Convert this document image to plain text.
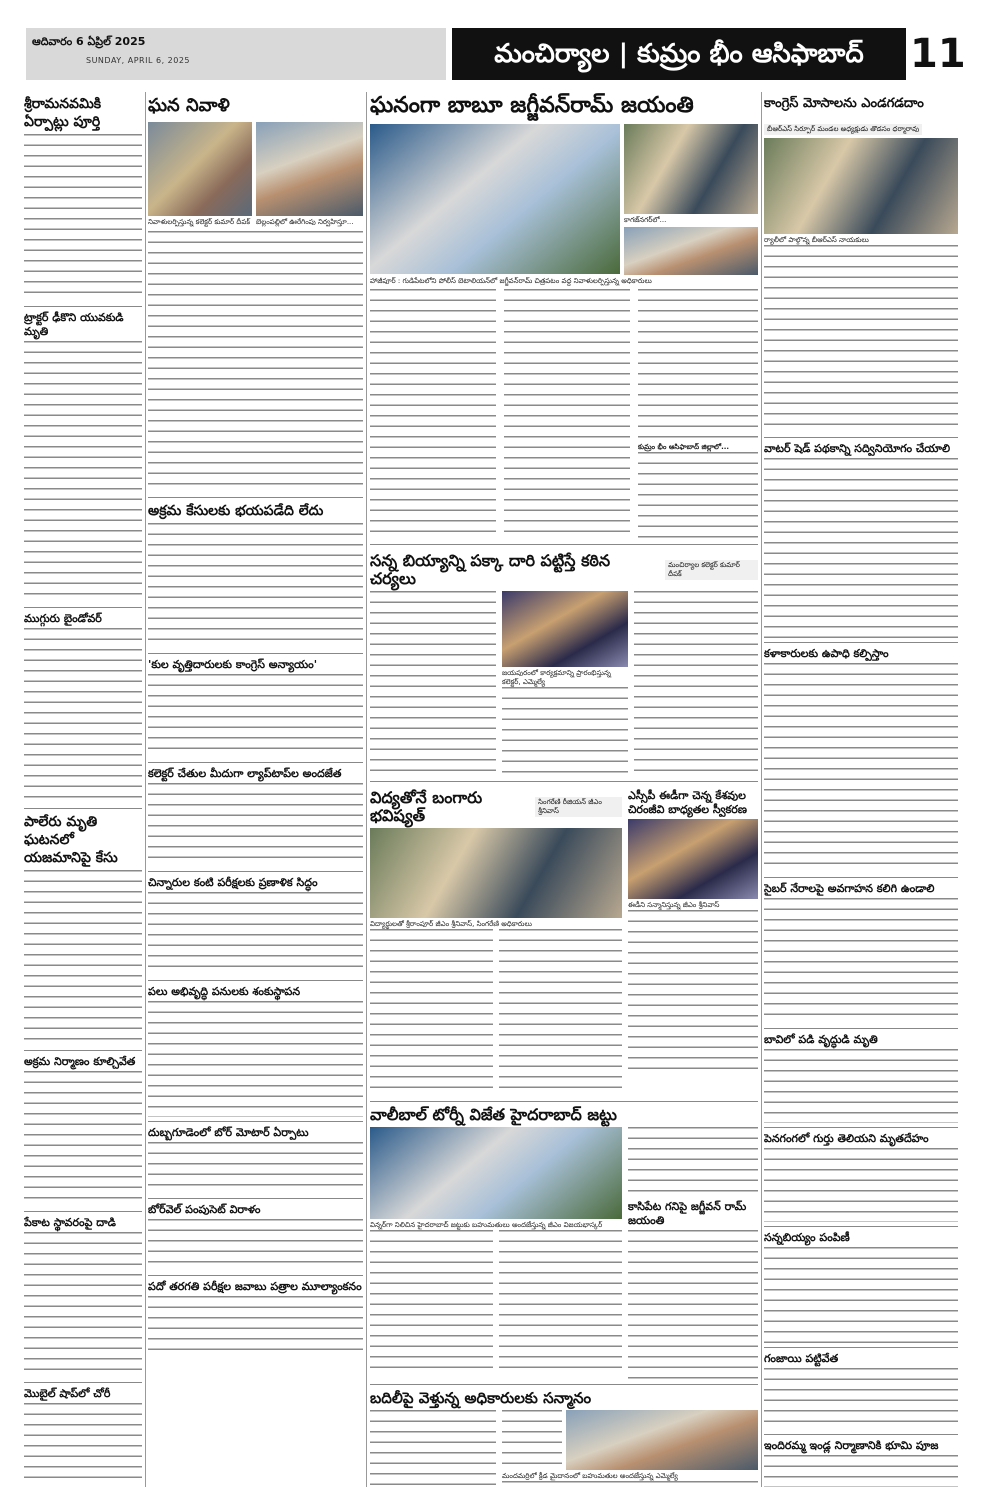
ఆదివారం 6 ఏప్రిల్ 2025
SUNDAY, APRIL 6, 2025	మంచిర్యాల | కుమ్రం భీం ఆసిఫాబాద్	11
శ్రీరామనవమికి ఏర్పాట్లు పూర్తి
ట్రాక్టర్ ఢీకొని యువకుడి మృతి
ముగ్గురు బైండోవర్
పాలేరు మృతి ఘటనలో యజమానిపై కేసు
అక్రమ నిర్మాణం కూల్చివేత
పేకాట స్థావరంపై దాడి
మొబైల్ షాప్‌లో చోరీ
ఘన నివాళి
నివాళులర్పిస్తున్న కలెక్టర్ కుమార్ దీపక్ బెల్లంపల్లిలో ఊరేగింపు నిర్వహిస్తూ...
అక్రమ కేసులకు భయపడేది లేదు
'కుల వృత్తిదారులకు కాంగ్రెస్ అన్యాయం'
కలెక్టర్ చేతుల మీదుగా ల్యాప్‌టాప్‌ల అందజేత
చిన్నారుల కంటి పరీక్షలకు ప్రణాళిక సిద్ధం
పలు అభివృద్ధి పనులకు శంకుస్థాపన
దుబ్బగూడెంలో బోర్ మోటార్ ఏర్పాటు
బోర్‌వెల్ పంపుసెట్ విరాళం
పదో తరగతి పరీక్షల జవాబు పత్రాల మూల్యాంకనం
ఘనంగా బాబూ జగ్జీవన్‌రామ్ జయంతి
కాగజ్‌నగర్‌లో...
హాజీపూర్ : గుడిపేటలోని పోలీస్ బెటాలియన్‌లో జగ్జీవన్‌రామ్ చిత్రపటం వద్ద నివాళులర్పిస్తున్న అధికారులు
కుమ్రం భీం ఆసిఫాబాద్ జిల్లాలో...
సన్న బియ్యాన్ని పక్కా దారి పట్టిస్తే కఠిన చర్యలు
మంచిర్యాల కలెక్టర్ కుమార్ దీపక్
జయపురంలో కార్యక్రమాన్ని ప్రారంభిస్తున్న కలెక్టర్, ఎమ్మెల్యే
విద్యతోనే బంగారు భవిష్యత్
సింగరేణి రీజియన్ జీఎం శ్రీనివాస్
విద్యార్థులతో శ్రీరాంపూర్ జీఎం శ్రీనివాస్, సింగరేణి అధికారులు
ఎస్సీపీ ఈడీగా చెన్న కేశవుల చిరంజీవి బాధ్యతల స్వీకరణ
ఈడీని సన్మానిస్తున్న జీఎం శ్రీనివాస్
వాలీబాల్ టోర్నీ విజేత హైదరాబాద్ జట్టు
విన్నర్‌గా నిలిచిన హైదరాబాద్ జట్టుకు బహుమతులు అందజేస్తున్న జీఎం విజయభాస్కర్
కాసిపేట గనిపై జగ్జీవన్ రామ్ జయంతి
బదిలీపై వెళ్తున్న అధికారులకు సన్మానం
మందమర్రిలో క్రీడ మైదానంలో బహుమతుల అందజేస్తున్న ఎమ్మెల్యే
కాంగ్రెస్ మోసాలను ఎండగడదాం
బీఆర్ఎస్ సిర్పూర్ మండల అధ్యక్షుడు తొడసం ధర్మారావు
ర్యాలీలో పాల్గొన్న బీఆర్ఎస్ నాయకులు
వాటర్ షెడ్ పథకాన్ని సద్వినియోగం చేయాలి
కళాకారులకు ఉపాధి కల్పిస్తాం
సైబర్ నేరాలపై అవగాహన కలిగి ఉండాలి
బావిలో పడి వృద్ధుడి మృతి
పెనగంగలో గుర్తు తెలియని మృతదేహం
సన్నబియ్యం పంపిణీ
గంజాయి పట్టివేత
ఇందిరమ్మ ఇండ్ల నిర్మాణానికి భూమి పూజ
